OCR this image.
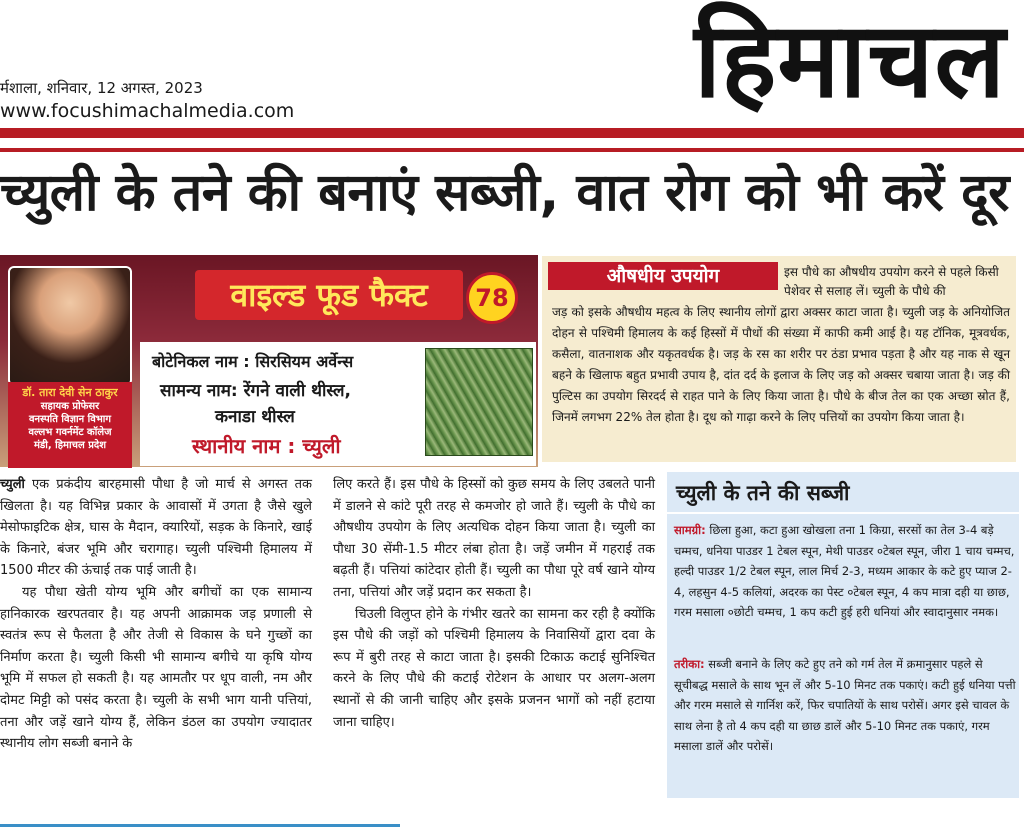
र्मशाला, शनिवार, 12 अगस्त, 2023
www.focushimachalmedia.com	हिमाचल
च्युली के तने की बनाएं सब्जी, वात रोग को भी करें दूर
डॉ. तारा देवी सेन ठाकुर
सहायक प्रोफेसर
वनस्पति विज्ञान विभाग
वल्लभ गवर्नमेंट कॉलेज
मंडी, हिमाचल प्रदेश
वाइल्ड फूड फैक्ट	78
बोटेनिकल नाम : सिरसियम अर्वेन्स
सामन्य नाम: रेंगने वाली थीस्ल,
कनाडा थीस्ल
स्थानीय नाम : च्युली
औषधीय उपयोग	इस पौधे का औषधीय उपयोग करने से पहले किसी पेशेवर से सलाह लें। च्युली के पौधे की
जड़ को इसके औषधीय महत्व के लिए स्थानीय लोगों द्वारा अक्सर काटा जाता है। च्युली जड़ के अनियोजित दोहन से पश्चिमी हिमालय के कई हिस्सों में पौधों की संख्या में काफी कमी आई है। यह टॉनिक, मूत्रवर्धक, कसैला, वातनाशक और यकृतवर्धक है। जड़ के रस का शरीर पर ठंडा प्रभाव पड़ता है और यह नाक से खून बहने के खिलाफ बहुत प्रभावी उपाय है, दांत दर्द के इलाज के लिए जड़ को अक्सर चबाया जाता है। जड़ की पुल्टिस का उपयोग सिरदर्द से राहत पाने के लिए किया जाता है। पौधे के बीज तेल का एक अच्छा स्रोत हैं, जिनमें लगभग 22% तेल होता है। दूध को गाढ़ा करने के लिए पत्तियों का उपयोग किया जाता है।

च्युली एक प्रकंदीय बारहमासी पौधा है जो मार्च से अगस्त तक खिलता है। यह विभिन्न प्रकार के आवासों में उगता है जैसे खुले मेसोफाइटिक क्षेत्र, घास के मैदान, क्यारियों, सड़क के किनारे, खाई के किनारे, बंजर भूमि और चरागाह। च्युली पश्चिमी हिमालय में 1500 मीटर की ऊंचाई तक पाई जाती है।

यह पौधा खेती योग्य भूमि और बगीचों का एक सामान्य हानिकारक खरपतवार है। यह अपनी आक्रामक जड़ प्रणाली से स्वतंत्र रूप से फैलता है और तेजी से विकास के घने गुच्छों का निर्माण करता है। च्युली किसी भी सामान्य बगीचे या कृषि योग्य भूमि में सफल हो सकती है। यह आमतौर पर धूप वाली, नम और दोमट मिट्टी को पसंद करता है। च्युली के सभी भाग यानी पत्तियां, तना और जड़ें खाने योग्य हैं, लेकिन डंठल का उपयोग ज्यादातर स्थानीय लोग सब्जी बनाने के

लिए करते हैं। इस पौधे के हिस्सों को कुछ समय के लिए उबलते पानी में डालने से कांटे पूरी तरह से कमजोर हो जाते हैं। च्युली के पौधे का औषधीय उपयोग के लिए अत्यधिक दोहन किया जाता है। च्युली का पौधा 30 सेंमी-1.5 मीटर लंबा होता है। जड़ें जमीन में गहराई तक बढ़ती हैं। पत्तियां कांटेदार होती हैं। च्युली का पौधा पूरे वर्ष खाने योग्य तना, पत्तियां और जड़ें प्रदान कर सकता है।

चिउली विलुप्त होने के गंभीर खतरे का सामना कर रही है क्योंकि इस पौधे की जड़ों को पश्चिमी हिमालय के निवासियों द्वारा दवा के रूप में बुरी तरह से काटा जाता है। इसकी टिकाऊ कटाई सुनिश्चित करने के लिए पौधे की कटाई रोटेशन के आधार पर अलग-अलग स्थानों से की जानी चाहिए और इसके प्रजनन भागों को नहीं हटाया जाना चाहिए।

च्युली के तने की सब्जी
सामग्री: छिला हुआ, कटा हुआ खोखला तना 1 किग्रा, सरसों का तेल 3-4 बड़े चम्मच, धनिया पाउडर 1 टेबल स्पून, मेथी पाउडर ०टेबल स्पून, जीरा 1 चाय चम्मच, हल्दी पाउडर 1/2 टेबल स्पून, लाल मिर्च 2-3, मध्यम आकार के कटे हुए प्याज 2-4, लहसुन 4-5 कलियां, अदरक का पेस्ट ०टेबल स्पून, 4 कप मात्रा दही या छाछ, गरम मसाला ०छोटी चम्मच, 1 कप कटी हुई हरी धनियां और स्वादानुसार नमक।
तरीका: सब्जी बनाने के लिए कटे हुए तने को गर्म तेल में क्रमानुसार पहले से सूचीबद्ध मसाले के साथ भून लें और 5-10 मिनट तक पकाएं। कटी हुई धनिया पत्ती और गरम मसाले से गार्निश करें, फिर चपातियों के साथ परोसें। अगर इसे चावल के साथ लेना है तो 4 कप दही या छाछ डालें और 5-10 मिनट तक पकाएं, गरम मसाला डालें और परोसें।
